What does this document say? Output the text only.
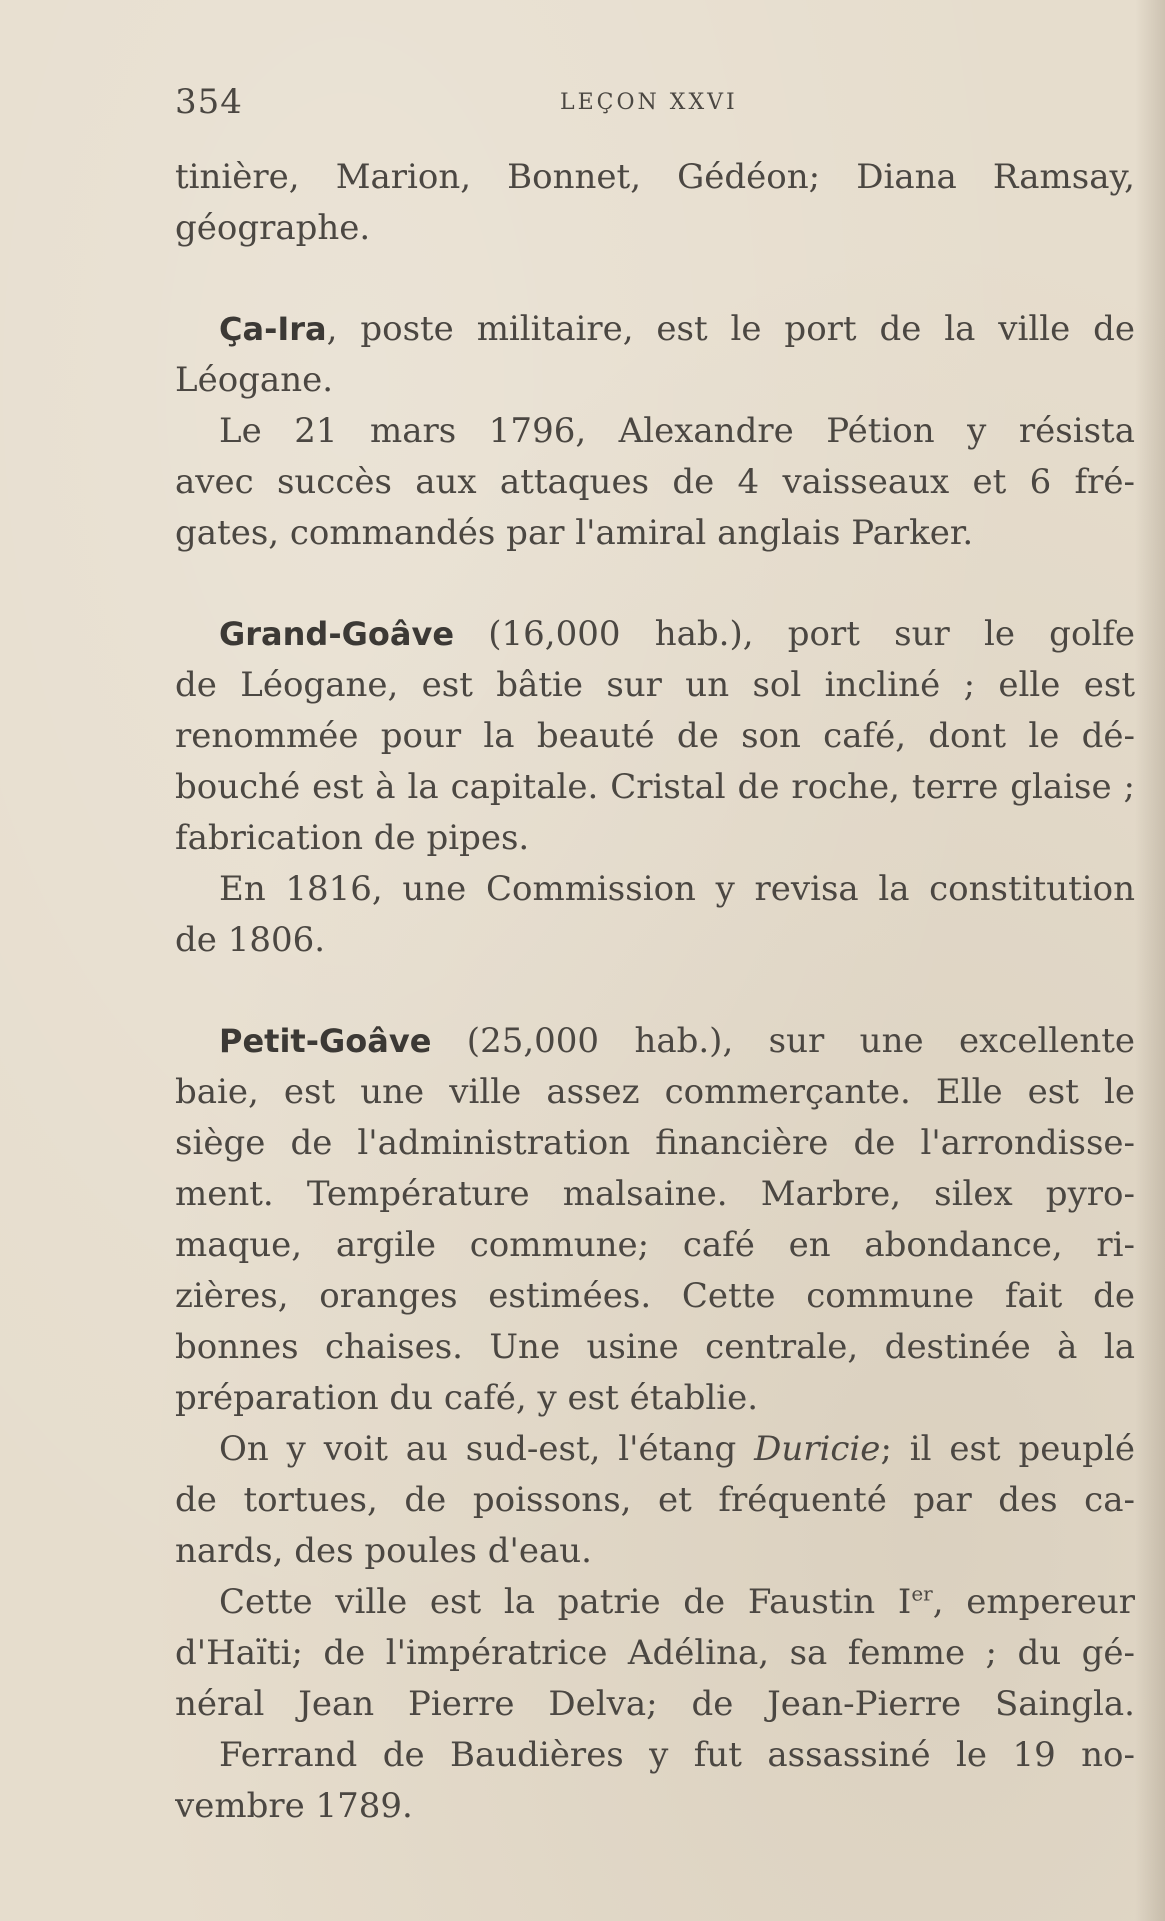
354	LEÇON XXVI
tinière, Marion, Bonnet, Gédéon; Diana Ramsay,
géographe.
Ça-Ira, poste militaire, est le port de la ville de
Léogane.
Le 21 mars 1796, Alexandre Pétion y résista
avec succès aux attaques de 4 vaisseaux et 6 fré-
gates, commandés par l'amiral anglais Parker.
Grand-Goâve (16,000 hab.), port sur le golfe
de Léogane, est bâtie sur un sol incliné ; elle est
renommée pour la beauté de son café, dont le dé-
bouché est à la capitale. Cristal de roche, terre glaise ;
fabrication de pipes.
En 1816, une Commission y revisa la constitution
de 1806.
Petit-Goâve (25,000 hab.), sur une excellente
baie, est une ville assez commerçante. Elle est le
siège de l'administration financière de l'arrondisse-
ment. Température malsaine. Marbre, silex pyro-
maque, argile commune; café en abondance, ri-
zières, oranges estimées. Cette commune fait de
bonnes chaises. Une usine centrale, destinée à la
préparation du café, y est établie.
On y voit au sud-est, l'étang Duricie; il est peuplé
de tortues, de poissons, et fréquenté par des ca-
nards, des poules d'eau.
Cette ville est la patrie de Faustin Ier, empereur
d'Haïti; de l'impératrice Adélina, sa femme ; du gé-
néral Jean Pierre Delva; de Jean-Pierre Sainglа.
Ferrand de Baudières y fut assassiné le 19 no-
vembre 1789.
